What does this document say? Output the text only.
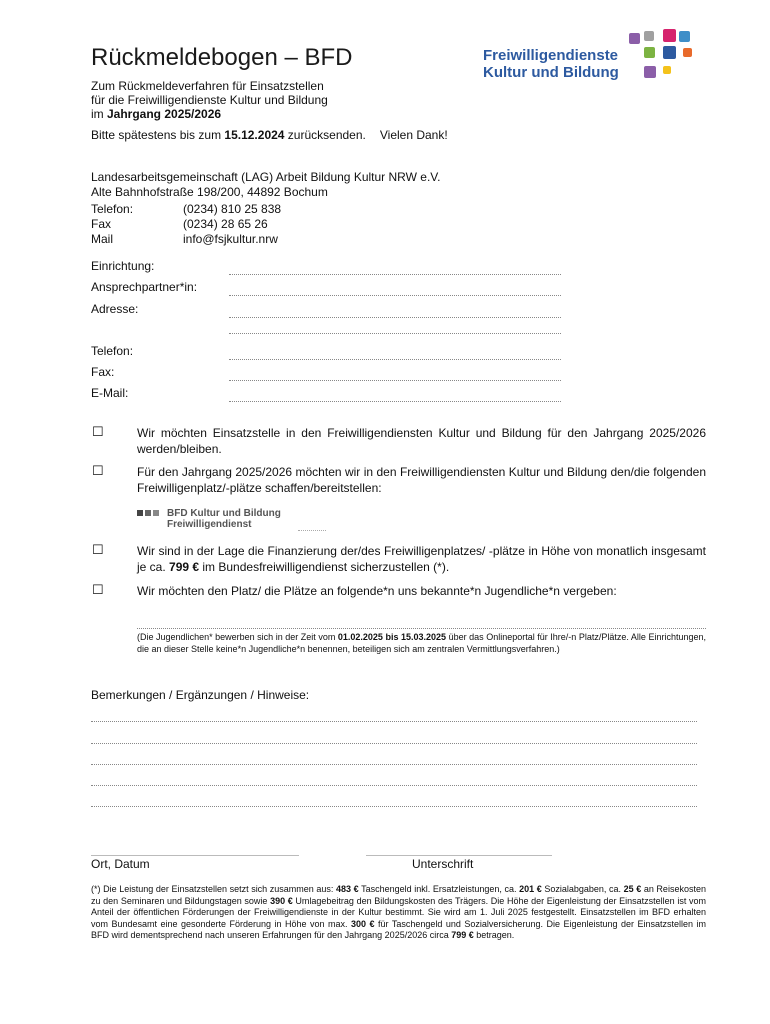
Rückmeldebogen – BFD	Freiwilligendienste
Kultur und Bildung
Zum Rückmeldeverfahren für Einsatzstellen
für die Freiwilligendienste Kultur und Bildung
im Jahrgang 2025/2026
Bitte spätestens bis zum 15.12.2024 zurücksenden. Vielen Dank!
Landesarbeitsgemeinschaft (LAG) Arbeit Bildung Kultur NRW e.V.
Alte Bahnhofstraße 198/200, 44892 Bochum
Telefon:	(0234) 810 25 838
Fax	(0234) 28 65 26
Mail	info@fsjkultur.nrw
Einrichtung:
Ansprechpartner*in:
Adresse:
Telefon:
Fax:
E-Mail:
☐	Wir möchten Einsatzstelle in den Freiwilligendiensten Kultur und Bildung für den Jahrgang 2025/2026 werden/bleiben.
☐	Für den Jahrgang 2025/2026 möchten wir in den Freiwilligendiensten Kultur und Bildung den/die folgenden Freiwilligenplatz/-plätze schaffen/bereitstellen:
BFD Kultur und Bildung
Freiwilligendienst
☐	Wir sind in der Lage die Finanzierung der/des Freiwilligenplatzes/ -plätze in Höhe von monatlich insgesamt je ca. 799 € im Bundesfreiwilligendienst sicherzustellen (*).
☐	Wir möchten den Platz/ die Plätze an folgende*n uns bekannte*n Jugendliche*n vergeben:
(Die Jugendlichen* bewerben sich in der Zeit vom 01.02.2025 bis 15.03.2025 über das Onlineportal für Ihre/-n Platz/Plätze. Alle Einrichtungen, die an dieser Stelle keine*n Jugendliche*n benennen, beteiligen sich am zentralen Vermittlungsverfahren.)
Bemerkungen / Ergänzungen / Hinweise:
Ort, Datum	Unterschrift
(*) Die Leistung der Einsatzstellen setzt sich zusammen aus: 483 € Taschengeld inkl. Ersatzleistungen, ca. 201 € Sozialabgaben, ca. 25 € an Reisekosten zu den Seminaren und Bildungstagen sowie 390 € Umlagebeitrag den Bildungskosten des Trägers. Die Höhe der Eigenleistung der Einsatzstellen ist vom Anteil der öffentlichen Förderungen der Freiwilligendienste in der Kultur bestimmt. Sie wird am 1. Juli 2025 festgestellt. Einsatzstellen im BFD erhalten vom Bundesamt eine gesonderte Förderung in Höhe von max. 300 € für Taschengeld und Sozialversicherung. Die Eigenleistung der Einsatzstellen im BFD wird dementsprechend nach unseren Erfahrungen für den Jahrgang 2025/2026 circa 799 € betragen.
